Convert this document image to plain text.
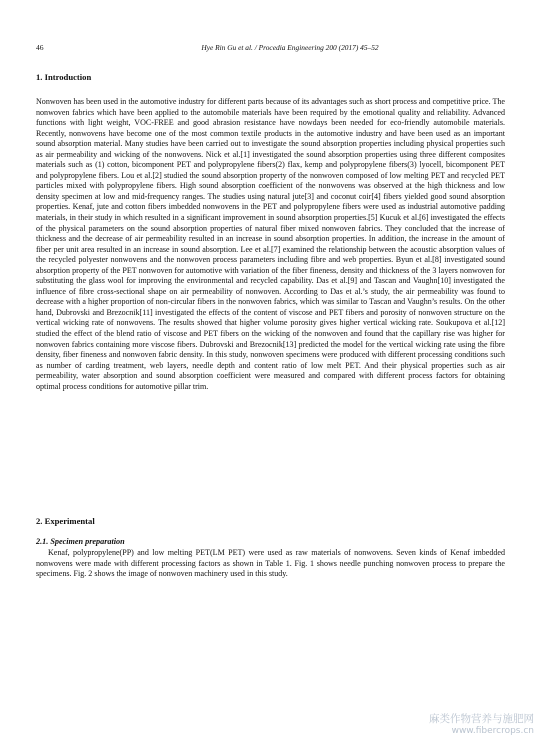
46	Hye Rin Gu et al. / Procedia Engineering 200 (2017) 45–52
1. Introduction

Nonwoven has been used in the automotive industry for different parts because of its advantages such as short process and competitive price. The nonwoven fabrics which have been applied to the automobile materials have been required by the emotional quality and reliability. Advanced functions with light weight, VOC-FREE and good abrasion resistance have nowdays been needed for eco-friendly automobile materials. Recently, nonwovens have become one of the most common textile products in the automotive industry and have been used as an important sound absorption material. Many studies have been carried out to investigate the sound absorption properties including physical properties such as air permeability and wicking of the nonwovens. Nick et al.[1] investigated the sound absorption properties using three different composites materials such as (1) cotton, bicomponent PET and polypropylene fibers(2) flax, kemp and polypropylene fibers(3) lyocell, bicomponent PET and polypropylene fibers. Lou et al.[2] studied the sound absorption property of the nonwoven composed of low melting PET and recycled PET particles mixed with polypropylene fibers. High sound absorption coefficient of the nonwovens was observed at the high thickness and low density specimen at low and mid-frequency ranges. The studies using natural jute[3] and coconut coir[4] fibers yielded good sound absorption properties. Kenaf, jute and cotton fibers imbedded nonwovens in the PET and polypropylene fibers were used as industrial automotive padding materials, in their study in which resulted in a significant improvement in sound absorption properties.[5] Kucuk et al.[6] investigated the effects of the physical parameters on the sound absorption properties of natural fiber mixed nonwoven fabrics. They concluded that the increase of thickness and the decrease of air permeability resulted in an increase in sound absorption properties. In addition, the increase in the amount of fiber per unit area resulted in an increase in sound absorption. Lee et al.[7] examined the relationship between the acoustic absorption values of the recycled polyester nonwovens and the nonwoven process parameters including fibre and web properties. Byun et al.[8] investigated sound absorption property of the PET nonwoven for automotive with variation of the fiber fineness, density and thickness of the 3 layers nonwoven for substituting the glass wool for improving the environmental and recycled capability. Das et al.[9] and Tascan and Vaughn[10] investigated the influence of fibre cross-sectional shape on air permeability of nonwoven. According to Das et al.’s study, the air permeability was found to decrease with a higher proportion of non-circular fibers in the nonwoven fabrics, which was similar to Tascan and Vaughn’s results. On the other hand, Dubrovski and Brezocnik[11] investigated the effects of the content of viscose and PET fibers and porosity of nonwoven structure on the vertical wicking rate of nonwovens. The results showed that higher volume porosity gives higher vertical wicking rate. Soukupova et al.[12] studied the effect of the blend ratio of viscose and PET fibers on the wicking of the nonwoven and found that the capillary rise was higher for nonwoven fabrics containing more viscose fibers. Dubrovski and Brezocnik[13] predicted the model for the vertical wicking rate using the fibre density, fiber fineness and nonwoven fabric density. In this study, nonwoven specimens were produced with different processing conditions such as number of carding treatment, web layers, needle depth and content ratio of low melt PET. And their physical properties such as air permeability, water absorption and sound absorption coefficient were measured and compared with different process factors for obtaining optimal process conditions for automotive pillar trim.

2. Experimental
2.1. Specimen preparation

Kenaf, polypropylene(PP) and low melting PET(LM PET) were used as raw materials of nonwovens. Seven kinds of Kenaf imbedded nonwovens were made with different processing factors as shown in Table 1. Fig. 1 shows needle punching nonwoven process to prepare the specimens. Fig. 2 shows the image of nonwoven machinery used in this study.

麻类作物营养与施肥网
www.fibercrops.cn
